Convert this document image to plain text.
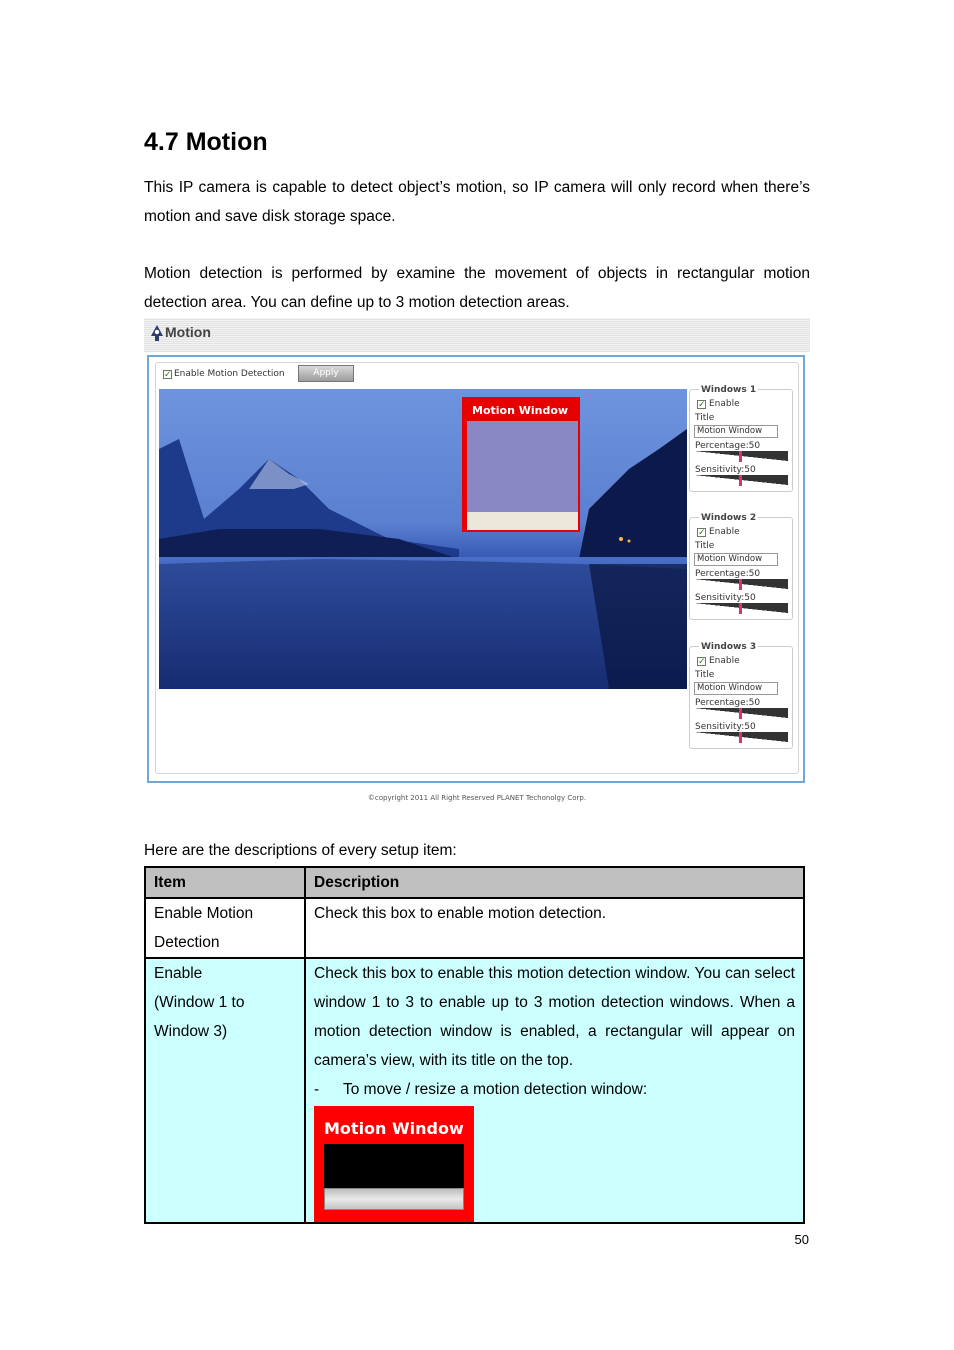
4.7 Motion

This IP camera is capable to detect object’s motion, so IP camera will only record when there’s motion and save disk storage space.

Motion detection is performed by examine the movement of objects in rectangular motion detection area. You can define up to 3 motion detection areas.

Motion
✓ Enable Motion Detection	Apply
Motion Window
Windows 1
✓ Enable
Title
Motion Window
Percentage:50
Sensitivity:50
Windows 2
✓ Enable
Title
Motion Window
Percentage:50
Sensitivity:50
Windows 3
✓ Enable
Title
Motion Window
Percentage:50
Sensitivity:50
©copyright 2011 All Right Reserved PLANET Techonolgy Corp.

Here are the descriptions of every setup item:

Item	Description
Enable Motion Detection	Check this box to enable motion detection.
Enable (Window 1 to Window 3)	Check this box to enable this motion detection window. You can select window 1 to 3 to enable up to 3 motion detection windows. When a motion detection window is enabled, a rectangular will appear on camera’s view, with its title on the top.
- To move / resize a motion detection window:
Motion Window
50
